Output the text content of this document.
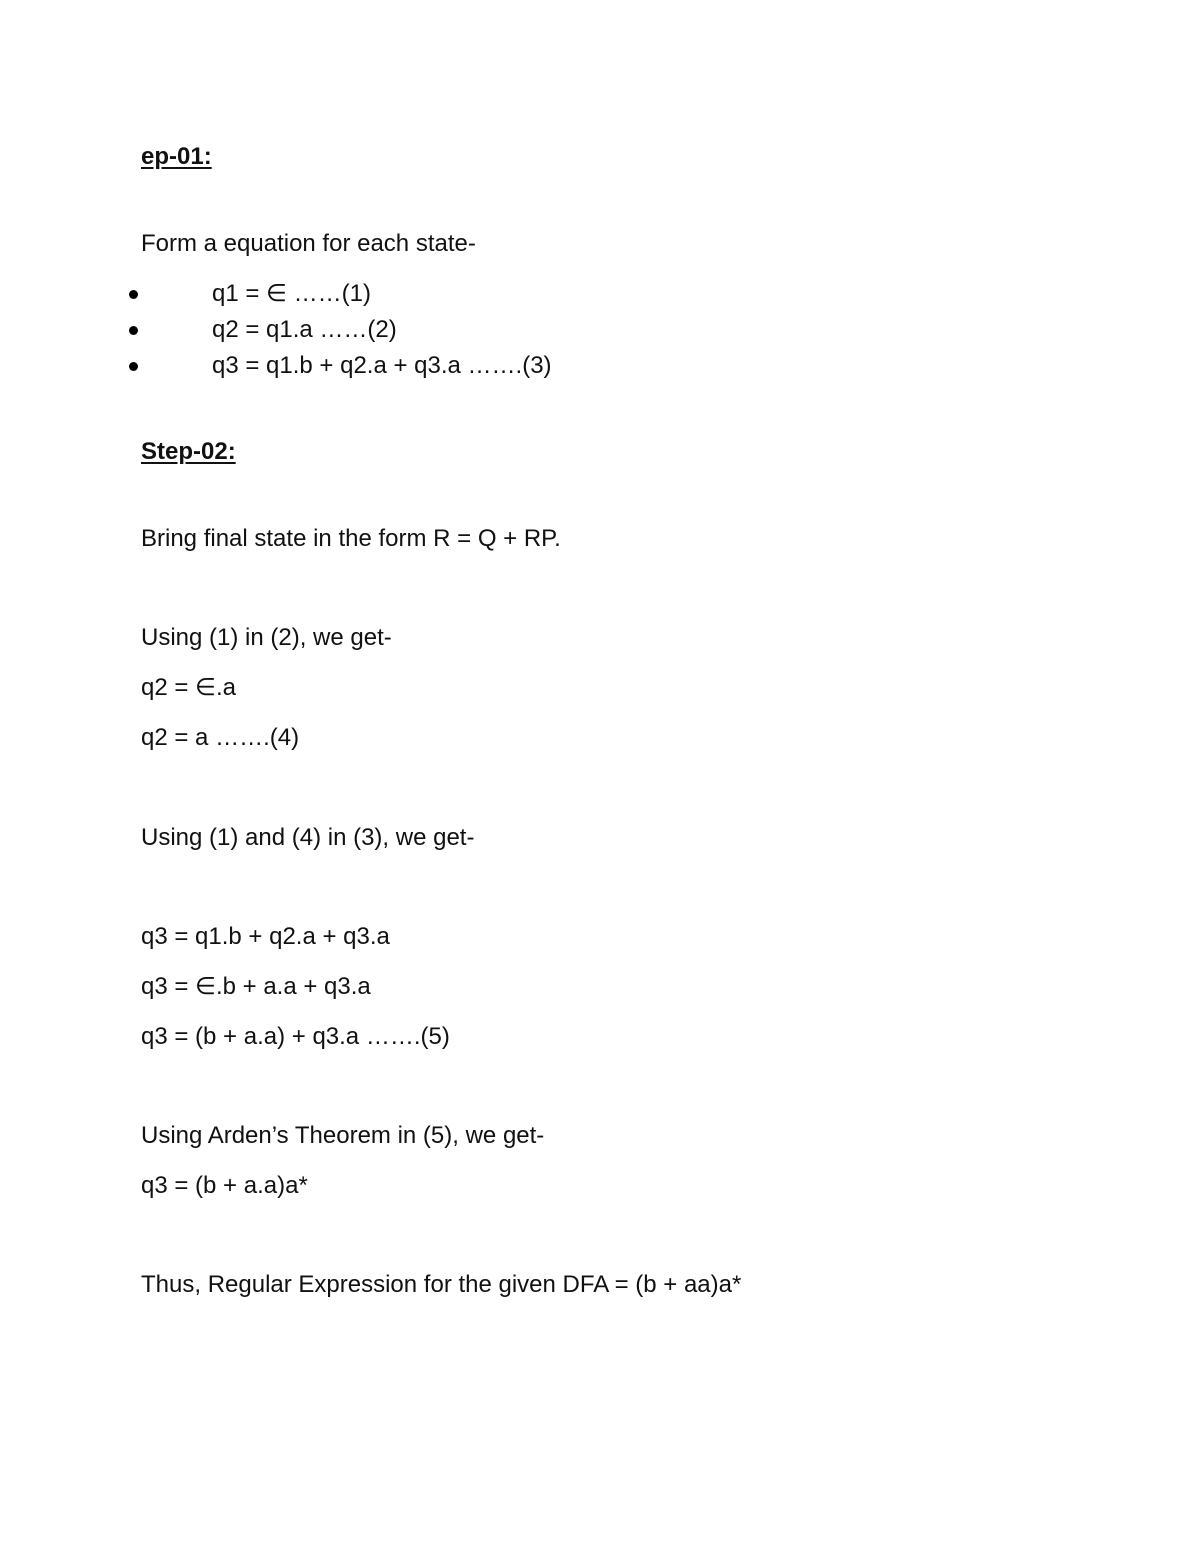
ep-01:
Form a equation for each state-
q1 = ∈ ……(1)
q2 = q1.a ……(2)
q3 = q1.b + q2.a + q3.a …….(3)
Step-02:
Bring final state in the form R = Q + RP.
Using (1) in (2), we get-
q2 = ∈.a
q2 = a …….(4)
Using (1) and (4) in (3), we get-
q3 = q1.b + q2.a + q3.a
q3 = ∈.b + a.a + q3.a
q3 = (b + a.a) + q3.a …….(5)
Using Arden’s Theorem in (5), we get-
q3 = (b + a.a)a*
Thus, Regular Expression for the given DFA = (b + aa)a*
